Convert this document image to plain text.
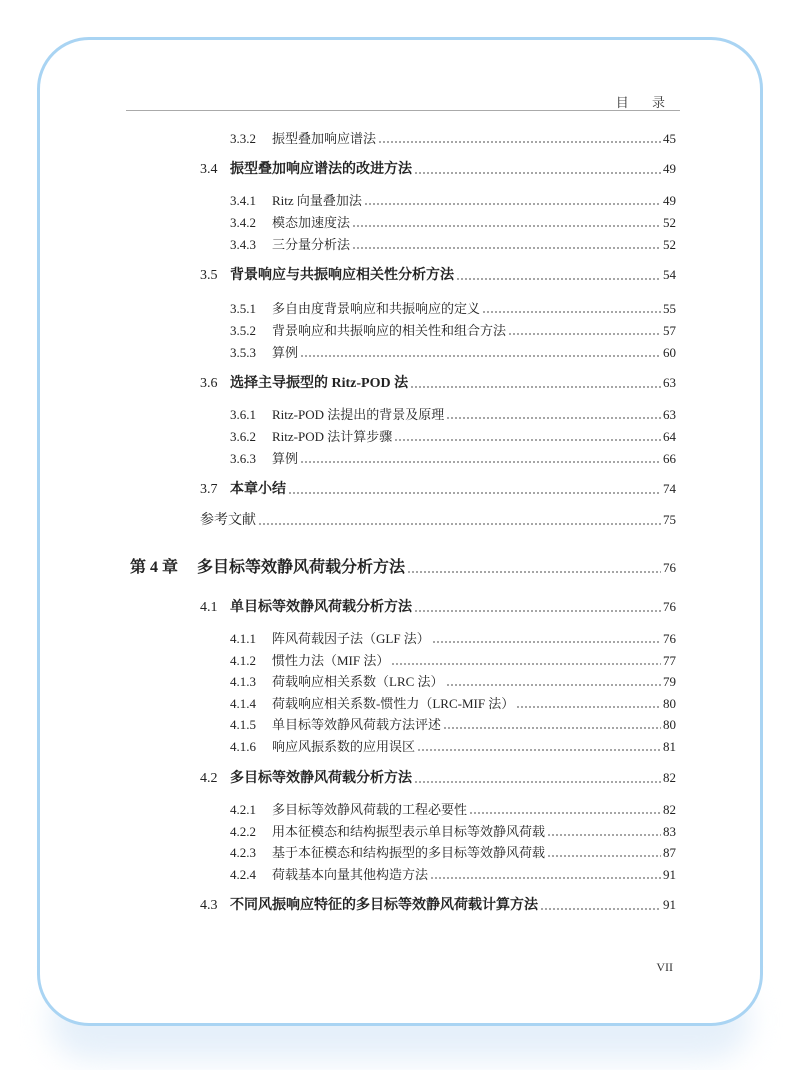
目 录
3.3.2	振型叠加响应谱法	45
3.4 振型叠加响应谱法的改进方法	49
3.4.1	Ritz 向量叠加法	49
3.4.2	模态加速度法	52
3.4.3	三分量分析法	52
3.5 背景响应与共振响应相关性分析方法	54
3.5.1	多自由度背景响应和共振响应的定义	55
3.5.2	背景响应和共振响应的相关性和组合方法	57
3.5.3	算例	60
3.6 选择主导振型的 Ritz-POD 法	63
3.6.1	Ritz-POD 法提出的背景及原理	63
3.6.2	Ritz-POD 法计算步骤	64
3.6.3	算例	66
3.7 本章小结	74
参考文献	75
第 4 章	多目标等效静风荷载分析方法	76
4.1 单目标等效静风荷载分析方法	76
4.1.1	阵风荷载因子法（GLF 法）	76
4.1.2	惯性力法（MIF 法）	77
4.1.3	荷载响应相关系数（LRC 法）	79
4.1.4	荷载响应相关系数-惯性力（LRC-MIF 法）	80
4.1.5	单目标等效静风荷载方法评述	80
4.1.6	响应风振系数的应用误区	81
4.2 多目标等效静风荷载分析方法	82
4.2.1	多目标等效静风荷载的工程必要性	82
4.2.2	用本征模态和结构振型表示单目标等效静风荷载	83
4.2.3	基于本征模态和结构振型的多目标等效静风荷载	87
4.2.4	荷载基本向量其他构造方法	91
4.3 不同风振响应特征的多目标等效静风荷载计算方法	91
VII
